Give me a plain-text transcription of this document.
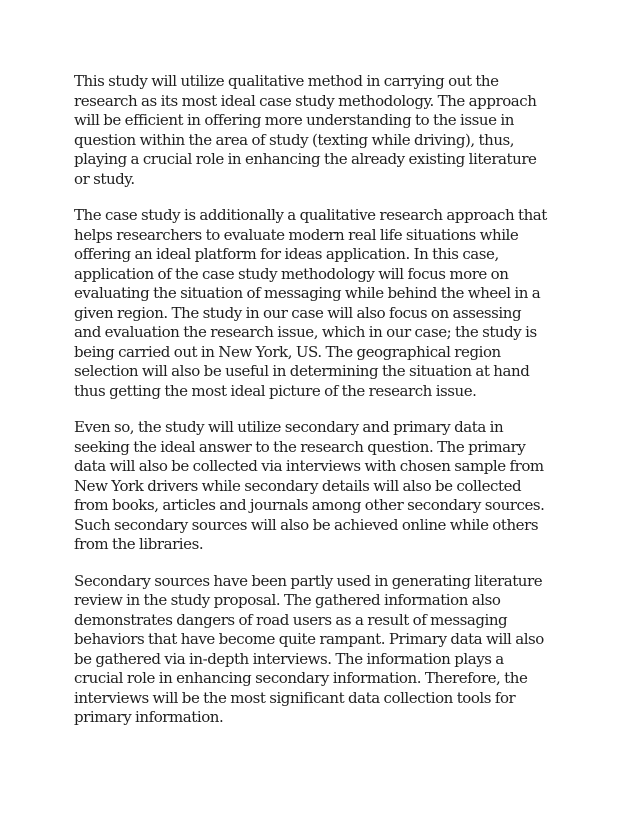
This study will utilize qualitative method in carrying out the
research as its most ideal case study methodology. The approach
will be efficient in offering more understanding to the issue in
question within the area of study (texting while driving), thus,
playing a crucial role in enhancing the already existing literature
or study.

The case study is additionally a qualitative research approach that
helps researchers to evaluate modern real life situations while
offering an ideal platform for ideas application. In this case,
application of the case study methodology will focus more on
evaluating the situation of messaging while behind the wheel in a
given region. The study in our case will also focus on assessing
and evaluation the research issue, which in our case; the study is
being carried out in New York, US. The geographical region
selection will also be useful in determining the situation at hand
thus getting the most ideal picture of the research issue.

Even so, the study will utilize secondary and primary data in
seeking the ideal answer to the research question. The primary
data will also be collected via interviews with chosen sample from
New York drivers while secondary details will also be collected
from books, articles and journals among other secondary sources.
Such secondary sources will also be achieved online while others
from the libraries.

Secondary sources have been partly used in generating literature
review in the study proposal. The gathered information also
demonstrates dangers of road users as a result of messaging
behaviors that have become quite rampant. Primary data will also
be gathered via in-depth interviews. The information plays a
crucial role in enhancing secondary information. Therefore, the
interviews will be the most significant data collection tools for
primary information.
